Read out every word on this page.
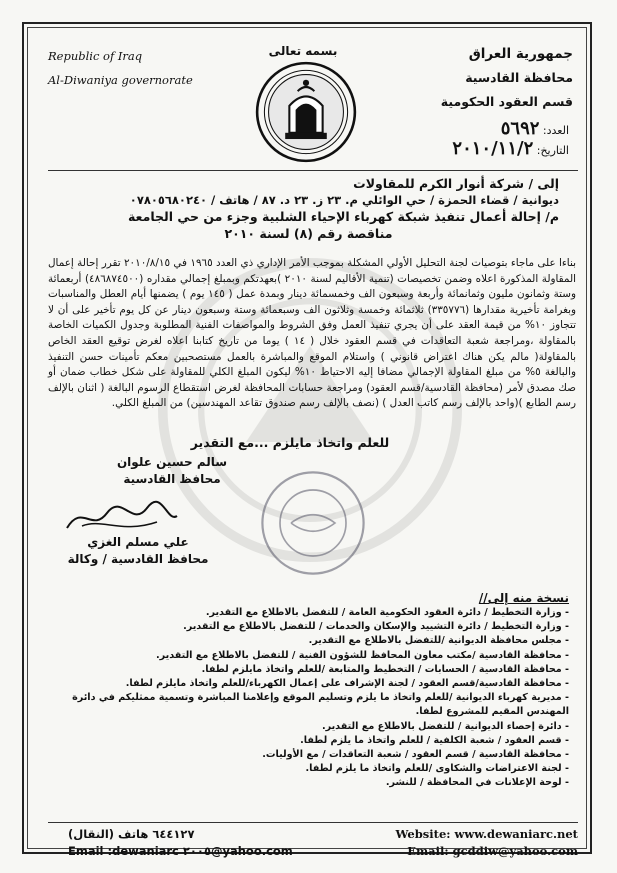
Republic of Iraq
Al-Diwaniya governorate
بسمه تعالى	جمهورية العراق
محافظة القادسية
قسم العقود الحكومية
العدد: ٥٦٩٢
التاريخ: ٢٠١٠/١١/٢
إلى / شركة أنوار الكرم للمقاولات
ديوانية / قضاء الحمزة / حي الوائلي م. ٢٣ ز. ٢٣ د. ٨٧ / هاتف / ٠٧٨٠٥٦٨٠٢٤٠
م/ إحالة أعمال تنفيذ شبكة كهرباء الإحياء الشلبية وجزء من حي الجامعة
مناقصة رقم (٨) لسنة ٢٠١٠
بناءا على ماجاء بتوصيات لجنة التحليل الأولي المشكلة بموجب الأمر الإداري ذي العدد ١٩٦٥ في ٢٠١٠/٨/١٥ تقرر إحالة إعمال المقاولة المذكورة اعلاه وضمن تخصيصات (تنمية الأقاليم لسنة ٢٠١٠ )بعهدتكم وبمبلغ إجمالي مقداره (٤٨٦٨٧٤٥٠٠) أربعمائة وستة وثمانون مليون وثمانمائة وأربعة وسبعون الف وخمسمائة دينار وبمدة عمل ( ١٤٥ يوم ) يضمنها أيام العطل والمناسبات وبغرامة تأخيرية مقدارها (٣٣٥٧٧٦) ثلاثمائة وخمسة وثلاثون الف وسبعمائة وستة وسبعون دينار عن كل يوم تأخير على أن لا تتجاوز ١٠% من قيمة العقد على أن يجري تنفيذ العمل وفق الشروط والمواصفات الفنية المطلوبة وجدول الكميات الخاصة بالمقاولة ،ومراجعة شعبة التعاقدات في قسم العقود خلال ( ١٤ ) يوما من تاريخ كتابنا اعلاه لغرض توقيع العقد الخاص بالمقاولة( مالم يكن هناك اعتراض قانوني ) واستلام الموقع والمباشرة بالعمل مستصحبين معكم تأمينات حسن التنفيذ والبالغة ٥% من مبلغ المقاولة الإجمالي مضافا إليه الاحتياط ١٠% ليكون المبلغ الكلي للمقاولة على شكل خطاب ضمان أو صك مصدق لأمر (محافظة القادسية/قسم العقود) ومراجعة حسابات المحافظة لغرض استقطاع الرسوم البالغة ( اثنان بالإلف رسم الطابع )(واحد بالإلف رسم كاتب العدل ) (نصف بالإلف رسم صندوق تقاعد المهندسين) من المبلغ الكلي.
للعلم واتخاذ مايلزم ...مع التقدير
سالم حسين علوان
محافظ القادسية
علي مسلم الغزي
محافظ القادسية / وكالة
نسخة منه إلى//
- وزارة التخطيط / دائرة العقود الحكومية العامة / للتفضل بالاطلاع مع التقدير.
- وزارة التخطيط / دائرة التشييد والإسكان والخدمات / للتفضل بالاطلاع مع التقدير.
- مجلس محافظة الديوانية /للتفضل بالاطلاع مع التقدير.
- محافظة القادسية /مكتب معاون المحافظ للشؤون الفنية / للتفضل بالاطلاع مع التقدير.
- محافظة القادسية / الحسابات / التخطيط والمتابعة /للعلم واتخاذ مايلزم لطفا.
- محافظة القادسية/قسم العقود / لجنة الإشراف على إعمال الكهرباء/للعلم واتخاذ مايلزم لطفا.
- مديرية كهرباء الديوانية /للعلم واتخاذ ما يلزم وتسليم الموقع وإعلامنا المباشرة وتسمية ممثليكم في دائرة المهندس المقيم للمشروع لطفا.
- دائرة إحصاء الديوانية / للتفضل بالاطلاع مع التقدير.
- قسم العقود / شعبة الكلفية / للعلم واتخاذ ما يلزم لطفا.
- محافظة القادسية / قسم العقود / شعبة التعاقدات / مع الأوليات.
- لجنة الاعتراضات والشكاوى /للعلم واتخاذ ما يلزم لطفا.
- لوحة الإعلانات في المحافظة / للنشر.
٦٤٤١٢٧ هاتف (النقال)
Email :dewaniarc ٢٠٠٥@yahoo.com
Website: www.dewaniarc.net
Email: gcddiw@yahoo.com
